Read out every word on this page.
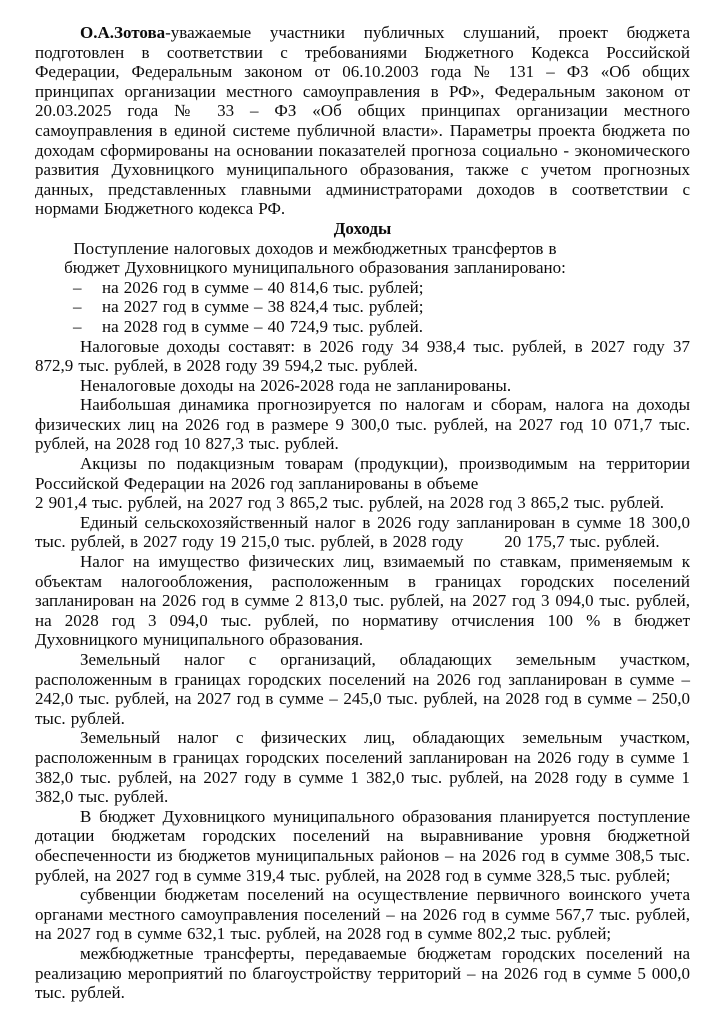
О.А.Зотова-уважаемые участники публичных слушаний, проект бюджета подготовлен в соответствии с требованиями Бюджетного Кодекса Российской Федерации, Федеральным законом от 06.10.2003 года № 131 – ФЗ «Об общих принципах организации местного самоуправления в РФ», Федеральным законом от 20.03.2025 года № 33 – ФЗ «Об общих принципах организации местного самоуправления в единой системе публичной власти». Параметры проекта бюджета по доходам сформированы на основании показателей прогноза социально - экономического развития Духовницкого муниципального образования, также с учетом прогнозных данных, представленных главными администраторами доходов в соответствии с нормами Бюджетного кодекса РФ.

Доходы

Поступление налоговых доходов и межбюджетных трансфертов в бюджет Духовницкого муниципального образования запланировано:

–	на 2026 год в сумме – 40 814,6 тыс. рублей;
–	на 2027 год в сумме – 38 824,4 тыс. рублей;
–	на 2028 год в сумме – 40 724,9 тыс. рублей.

Налоговые доходы составят: в 2026 году 34 938,4 тыс. рублей, в 2027 году 37 872,9 тыс. рублей, в 2028 году 39 594,2 тыс. рублей.

Неналоговые доходы на 2026-2028 года не запланированы.

Наибольшая динамика прогнозируется по налогам и сборам, налога на доходы физических лиц на 2026 год в размере 9 300,0 тыс. рублей, на 2027 год 10 071,7 тыс. рублей, на 2028 год 10 827,3 тыс. рублей.

Акцизы по подакцизным товарам (продукции), производимым на территории Российской Федерации на 2026 год запланированы в объеме

2 901,4 тыс. рублей, на 2027 год 3 865,2 тыс. рублей, на 2028 год 3 865,2 тыс. рублей.

Единый сельскохозяйственный налог в 2026 году запланирован в сумме 18 300,0 тыс. рублей, в 2027 году 19 215,0 тыс. рублей, в 2028 году        20 175,7 тыс. рублей.

Налог на имущество физических лиц, взимаемый по ставкам, применяемым к объектам налогообложения, расположенным в границах городских поселений запланирован на 2026 год в сумме 2 813,0 тыс. рублей, на 2027 год 3 094,0 тыс. рублей, на 2028 год 3 094,0 тыс. рублей, по нормативу отчисления 100 % в бюджет Духовницкого муниципального образования.

Земельный налог с организаций, обладающих земельным участком, расположенным в границах городских поселений на 2026 год запланирован в сумме – 242,0 тыс. рублей, на 2027 год в сумме – 245,0 тыс. рублей, на 2028 год в сумме – 250,0 тыс. рублей.

Земельный налог с физических лиц, обладающих земельным участком, расположенным в границах городских поселений запланирован на 2026 году в сумме 1 382,0 тыс. рублей, на 2027 году в сумме 1 382,0 тыс. рублей, на 2028 году в сумме 1 382,0 тыс. рублей.

В бюджет Духовницкого муниципального образования планируется поступление дотации бюджетам городских поселений на выравнивание уровня бюджетной обеспеченности из бюджетов муниципальных районов – на 2026 год в сумме 308,5 тыс. рублей, на 2027 год в сумме 319,4 тыс. рублей, на 2028 год в сумме 328,5 тыс. рублей;

субвенции бюджетам поселений на осуществление первичного воинского учета органами местного самоуправления поселений – на 2026 год в сумме 567,7 тыс. рублей, на 2027 год в сумме 632,1 тыс. рублей, на 2028 год в сумме 802,2 тыс. рублей;

межбюджетные трансферты, передаваемые бюджетам городских поселений на реализацию мероприятий по благоустройству территорий – на 2026 год в сумме 5 000,0 тыс. рублей.
